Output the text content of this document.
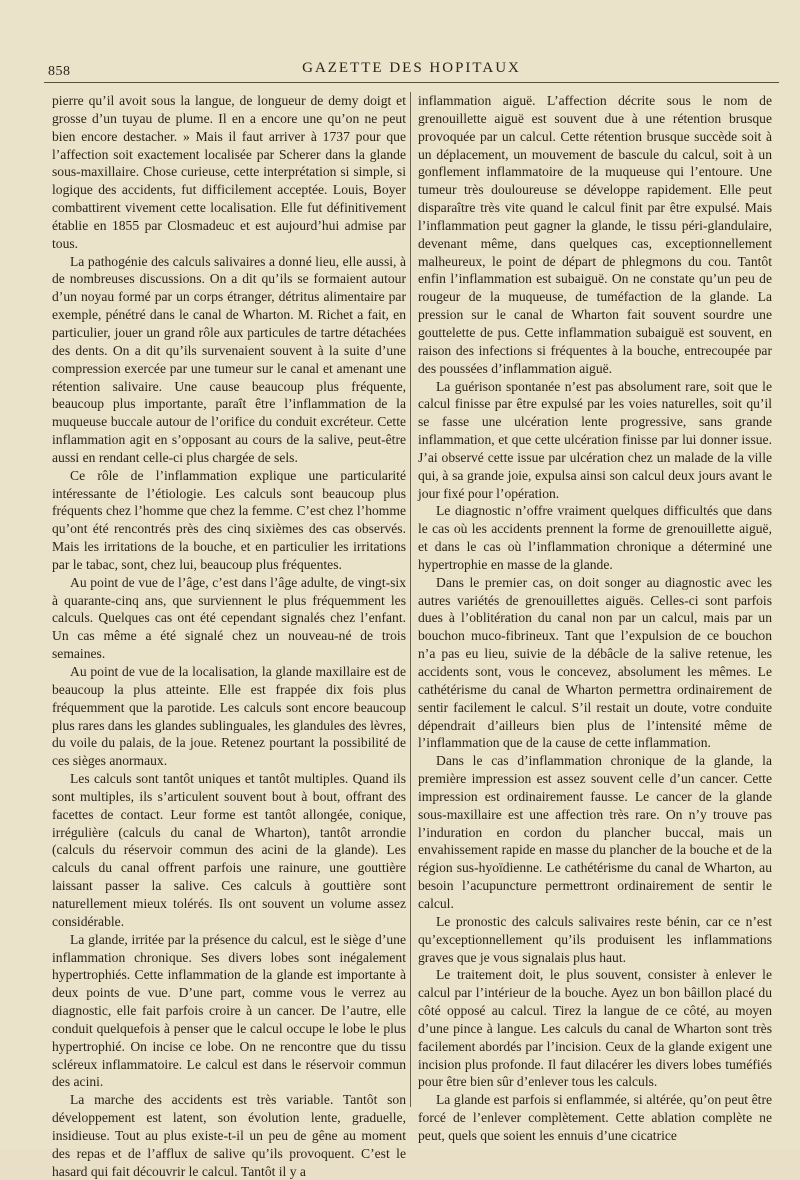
858	GAZETTE DES HOPITAUX

pierre qu’il avoit sous la langue, de longueur de demy doigt et grosse d’un tuyau de plume. Il en a encore une qu’on ne peut bien encore destacher. » Mais il faut arriver à 1737 pour que l’affection soit exactement localisée par Scherer dans la glande sous-maxillaire. Chose curieuse, cette interprétation si simple, si logique des accidents, fut difficilement acceptée. Louis, Boyer combattirent vivement cette localisation. Elle fut définitivement établie en 1855 par Closmadeuc et est aujourd’hui admise par tous.

La pathogénie des calculs salivaires a donné lieu, elle aussi, à de nombreuses discussions. On a dit qu’ils se formaient autour d’un noyau formé par un corps étranger, détritus alimentaire par exemple, pénétré dans le canal de Wharton. M. Richet a fait, en particulier, jouer un grand rôle aux particules de tartre détachées des dents. On a dit qu’ils survenaient souvent à la suite d’une compression exercée par une tumeur sur le canal et amenant une rétention salivaire. Une cause beaucoup plus fréquente, beaucoup plus importante, paraît être l’inflammation de la muqueuse buccale autour de l’orifice du conduit excréteur. Cette inflammation agit en s’opposant au cours de la salive, peut-être aussi en rendant celle-ci plus chargée de sels.

Ce rôle de l’inflammation explique une particularité intéressante de l’étiologie. Les calculs sont beaucoup plus fréquents chez l’homme que chez la femme. C’est chez l’homme qu’ont été rencontrés près des cinq sixièmes des cas observés. Mais les irritations de la bouche, et en particulier les irritations par le tabac, sont, chez lui, beaucoup plus fréquentes.

Au point de vue de l’âge, c’est dans l’âge adulte, de vingt-six à quarante-cinq ans, que surviennent le plus fréquemment les calculs. Quelques cas ont été cependant signalés chez l’enfant. Un cas même a été signalé chez un nouveau-né de trois semaines.

Au point de vue de la localisation, la glande maxillaire est de beaucoup la plus atteinte. Elle est frappée dix fois plus fréquemment que la parotide. Les calculs sont encore beaucoup plus rares dans les glandes sublinguales, les glandules des lèvres, du voile du palais, de la joue. Retenez pourtant la possibilité de ces sièges anormaux.

Les calculs sont tantôt uniques et tantôt multiples. Quand ils sont multiples, ils s’articulent souvent bout à bout, offrant des facettes de contact. Leur forme est tantôt allongée, conique, irrégulière (calculs du canal de Wharton), tantôt arrondie (calculs du réservoir commun des acini de la glande). Les calculs du canal offrent parfois une rainure, une gouttière laissant passer la salive. Ces calculs à gouttière sont naturellement mieux tolérés. Ils ont souvent un volume assez considérable.

La glande, irritée par la présence du calcul, est le siège d’une inflammation chronique. Ses divers lobes sont inégalement hypertrophiés. Cette inflammation de la glande est importante à deux points de vue. D’une part, comme vous le verrez au diagnostic, elle fait parfois croire à un cancer. De l’autre, elle conduit quelquefois à penser que le calcul occupe le lobe le plus hypertrophié. On incise ce lobe. On ne rencontre que du tissu scléreux inflammatoire. Le calcul est dans le réservoir commun des acini.

La marche des accidents est très variable. Tantôt son développement est latent, son évolution lente, graduelle, insidieuse. Tout au plus existe-t-il un peu de gêne au moment des repas et de l’afflux de salive qu’ils provoquent. C’est le hasard qui fait découvrir le calcul. Tantôt il y a

inflammation aiguë. L’affection décrite sous le nom de grenouillette aiguë est souvent due à une rétention brusque provoquée par un calcul. Cette rétention brusque succède soit à un déplacement, un mouvement de bascule du calcul, soit à un gonflement inflammatoire de la muqueuse qui l’entoure. Une tumeur très douloureuse se développe rapidement. Elle peut disparaître très vite quand le calcul finit par être expulsé. Mais l’inflammation peut gagner la glande, le tissu péri-glandulaire, devenant même, dans quelques cas, exceptionnellement malheureux, le point de départ de phlegmons du cou. Tantôt enfin l’inflammation est subaiguë. On ne constate qu’un peu de rougeur de la muqueuse, de tuméfaction de la glande. La pression sur le canal de Wharton fait souvent sourdre une gouttelette de pus. Cette inflammation subaiguë est souvent, en raison des infections si fréquentes à la bouche, entrecoupée par des poussées d’inflammation aiguë.

La guérison spontanée n’est pas absolument rare, soit que le calcul finisse par être expulsé par les voies naturelles, soit qu’il se fasse une ulcération lente progressive, sans grande inflammation, et que cette ulcération finisse par lui donner issue. J’ai observé cette issue par ulcération chez un malade de la ville qui, à sa grande joie, expulsa ainsi son calcul deux jours avant le jour fixé pour l’opération.

Le diagnostic n’offre vraiment quelques difficultés que dans le cas où les accidents prennent la forme de grenouillette aiguë, et dans le cas où l’inflammation chronique a déterminé une hypertrophie en masse de la glande.

Dans le premier cas, on doit songer au diagnostic avec les autres variétés de grenouillettes aiguës. Celles-ci sont parfois dues à l’oblitération du canal non par un calcul, mais par un bouchon muco-fibrineux. Tant que l’expulsion de ce bouchon n’a pas eu lieu, suivie de la débâcle de la salive retenue, les accidents sont, vous le concevez, absolument les mêmes. Le cathétérisme du canal de Wharton permettra ordinairement de sentir facilement le calcul. S’il restait un doute, votre conduite dépendrait d’ailleurs bien plus de l’intensité même de l’inflammation que de la cause de cette inflammation.

Dans le cas d’inflammation chronique de la glande, la première impression est assez souvent celle d’un cancer. Cette impression est ordinairement fausse. Le cancer de la glande sous-maxillaire est une affection très rare. On n’y trouve pas l’induration en cordon du plancher buccal, mais un envahissement rapide en masse du plancher de la bouche et de la région sus-hyoïdienne. Le cathétérisme du canal de Wharton, au besoin l’acupuncture permettront ordinairement de sentir le calcul.

Le pronostic des calculs salivaires reste bénin, car ce n’est qu’exceptionnellement qu’ils produisent les inflammations graves que je vous signalais plus haut.

Le traitement doit, le plus souvent, consister à enlever le calcul par l’intérieur de la bouche. Ayez un bon bâillon placé du côté opposé au calcul. Tirez la langue de ce côté, au moyen d’une pince à langue. Les calculs du canal de Wharton sont très facilement abordés par l’incision. Ceux de la glande exigent une incision plus profonde. Il faut dilacérer les divers lobes tuméfiés pour être bien sûr d’enlever tous les calculs.

La glande est parfois si enflammée, si altérée, qu’on peut être forcé de l’enlever complètement. Cette ablation complète ne peut, quels que soient les ennuis d’une cicatrice
